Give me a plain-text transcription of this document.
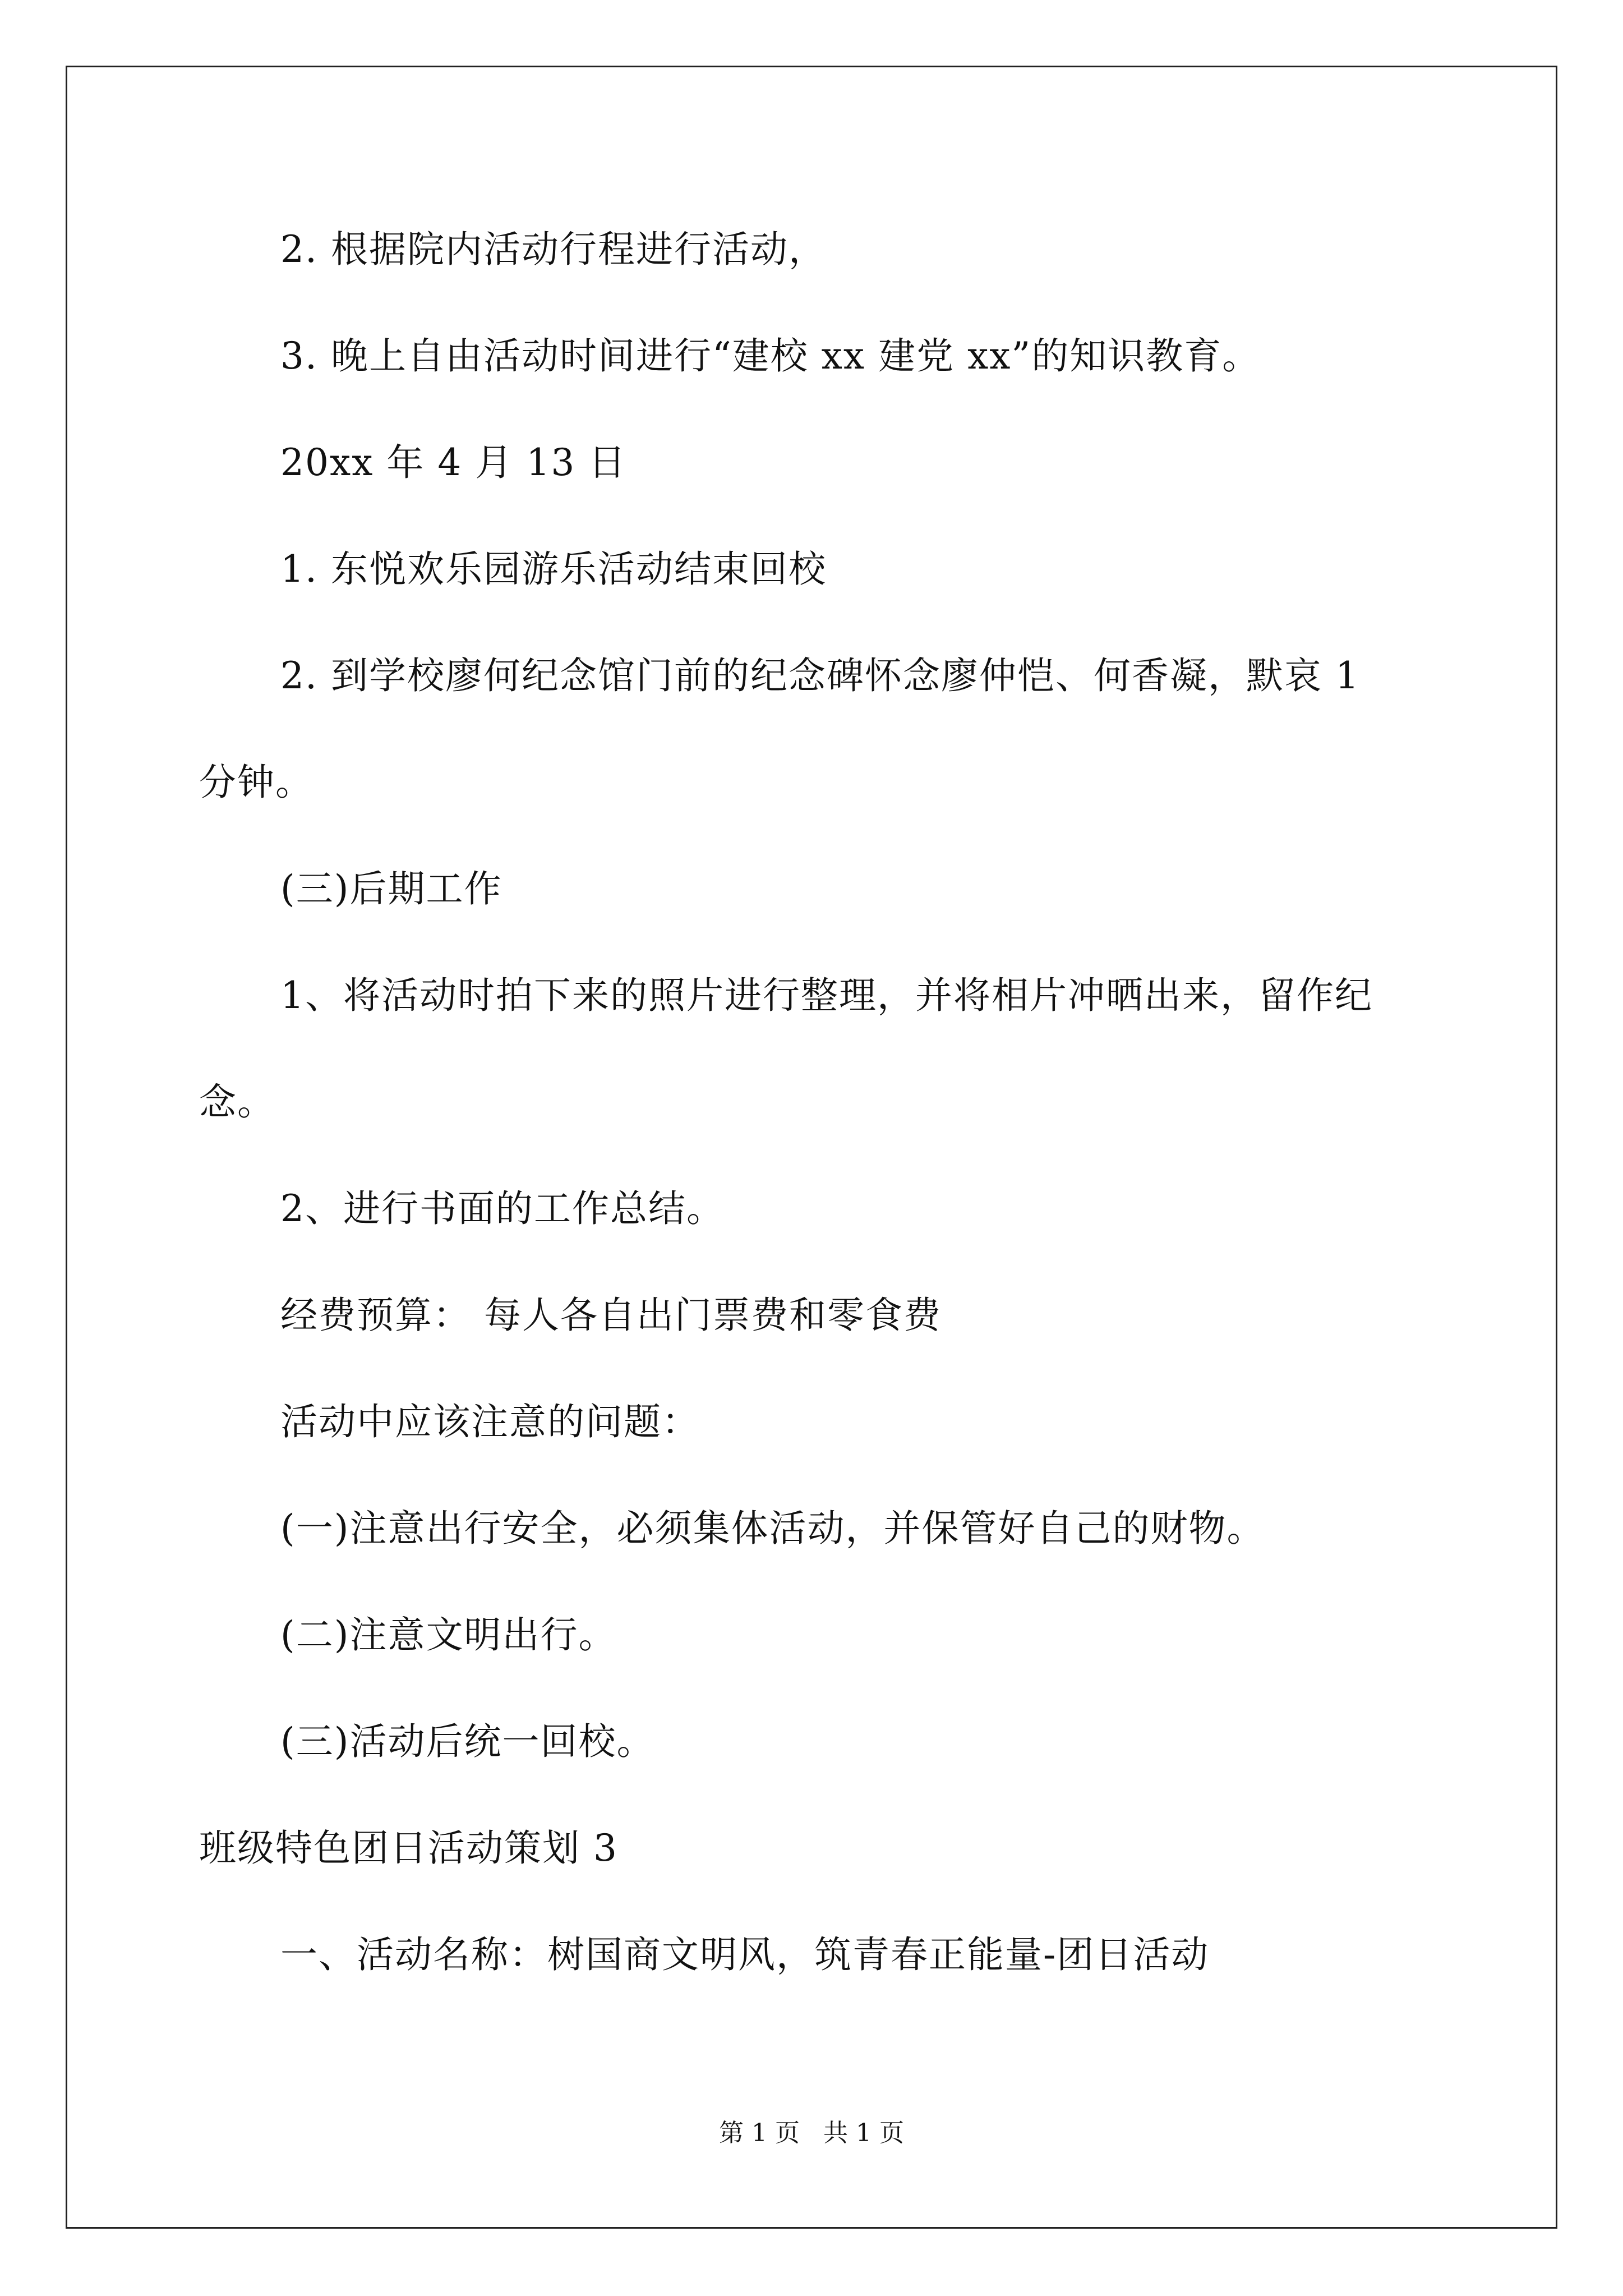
2. 根据院内活动行程进行活动，

3. 晚上自由活动时间进行“建校 xx 建党 xx”的知识教育。

20xx 年 4 月 13 日

1. 东悦欢乐园游乐活动结束回校

2. 到学校廖何纪念馆门前的纪念碑怀念廖仲恺、何香凝，默哀 1

分钟。

(三)后期工作

1、将活动时拍下来的照片进行整理，并将相片冲晒出来，留作纪

念。

2、进行书面的工作总结。

经费预算： 每人各自出门票费和零食费

活动中应该注意的问题：

(一)注意出行安全，必须集体活动，并保管好自己的财物。

(二)注意文明出行。

(三)活动后统一回校。

班级特色团日活动策划 3

一、活动名称：树国商文明风，筑青春正能量-团日活动

第 1 页 共 1 页
